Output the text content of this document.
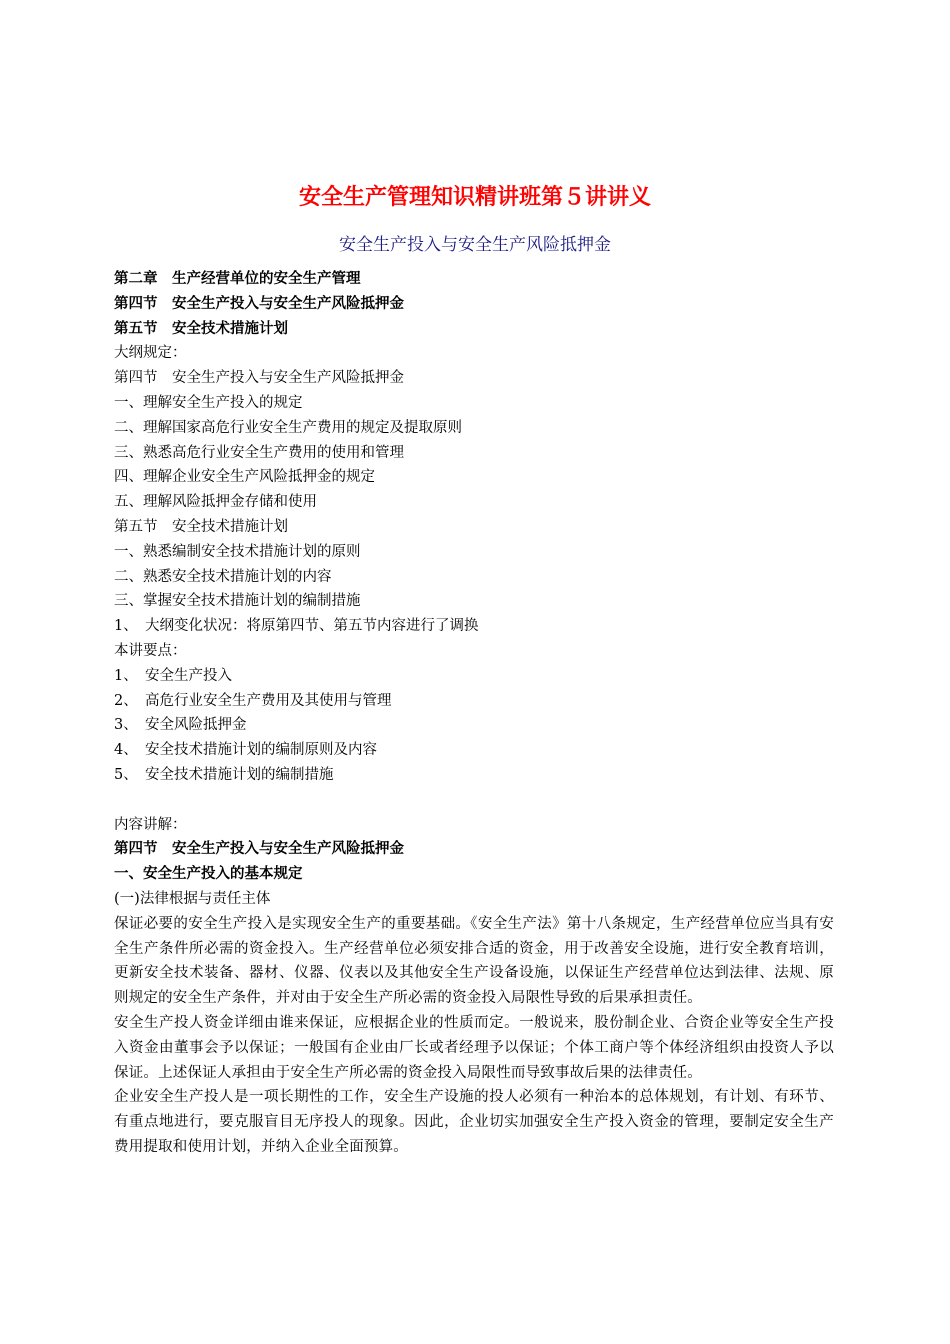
安全生产管理知识精讲班第５讲讲义
安全生产投入与安全生产风险抵押金

第二章　生产经营单位的安全生产管理

第四节　安全生产投入与安全生产风险抵押金

第五节　安全技术措施计划

大纲规定：

第四节　安全生产投入与安全生产风险抵押金

一、理解安全生产投入的规定

二、理解国家高危行业安全生产费用的规定及提取原则

三、熟悉高危行业安全生产费用的使用和管理

四、理解企业安全生产风险抵押金的规定

五、理解风险抵押金存储和使用

第五节　安全技术措施计划

一、熟悉编制安全技术措施计划的原则

二、熟悉安全技术措施计划的内容

三、掌握安全技术措施计划的编制措施

1、　大纲变化状况：将原第四节、第五节内容进行了调换

本讲要点：

1、　安全生产投入

2、　高危行业安全生产费用及其使用与管理

3、　安全风险抵押金

4、　安全技术措施计划的编制原则及内容

5、　安全技术措施计划的编制措施

内容讲解：

第四节　安全生产投入与安全生产风险抵押金

一、安全生产投入的基本规定

(一)法律根据与责任主体

保证必要的安全生产投入是实现安全生产的重要基础。《安全生产法》第十八条规定，生产经营单位应当具有安全生产条件所必需的资金投入。生产经营单位必须安排合适的资金，用于改善安全设施，进行安全教育培训，更新安全技术装备、器材、仪器、仪表以及其他安全生产设备设施，以保证生产经营单位达到法律、法规、原则规定的安全生产条件，并对由于安全生产所必需的资金投入局限性导致的后果承担责任。

安全生产投人资金详细由谁来保证，应根据企业的性质而定。一般说来，股份制企业、合资企业等安全生产投入资金由董事会予以保证；一般国有企业由厂长或者经理予以保证；个体工商户等个体经济组织由投资人予以保证。上述保证人承担由于安全生产所必需的资金投入局限性而导致事故后果的法律责任。

企业安全生产投人是一项长期性的工作，安全生产设施的投人必须有一种治本的总体规划，有计划、有环节、有重点地进行，要克服盲目无序投人的现象。因此，企业切实加强安全生产投入资金的管理，要制定安全生产费用提取和使用计划，并纳入企业全面预算。
